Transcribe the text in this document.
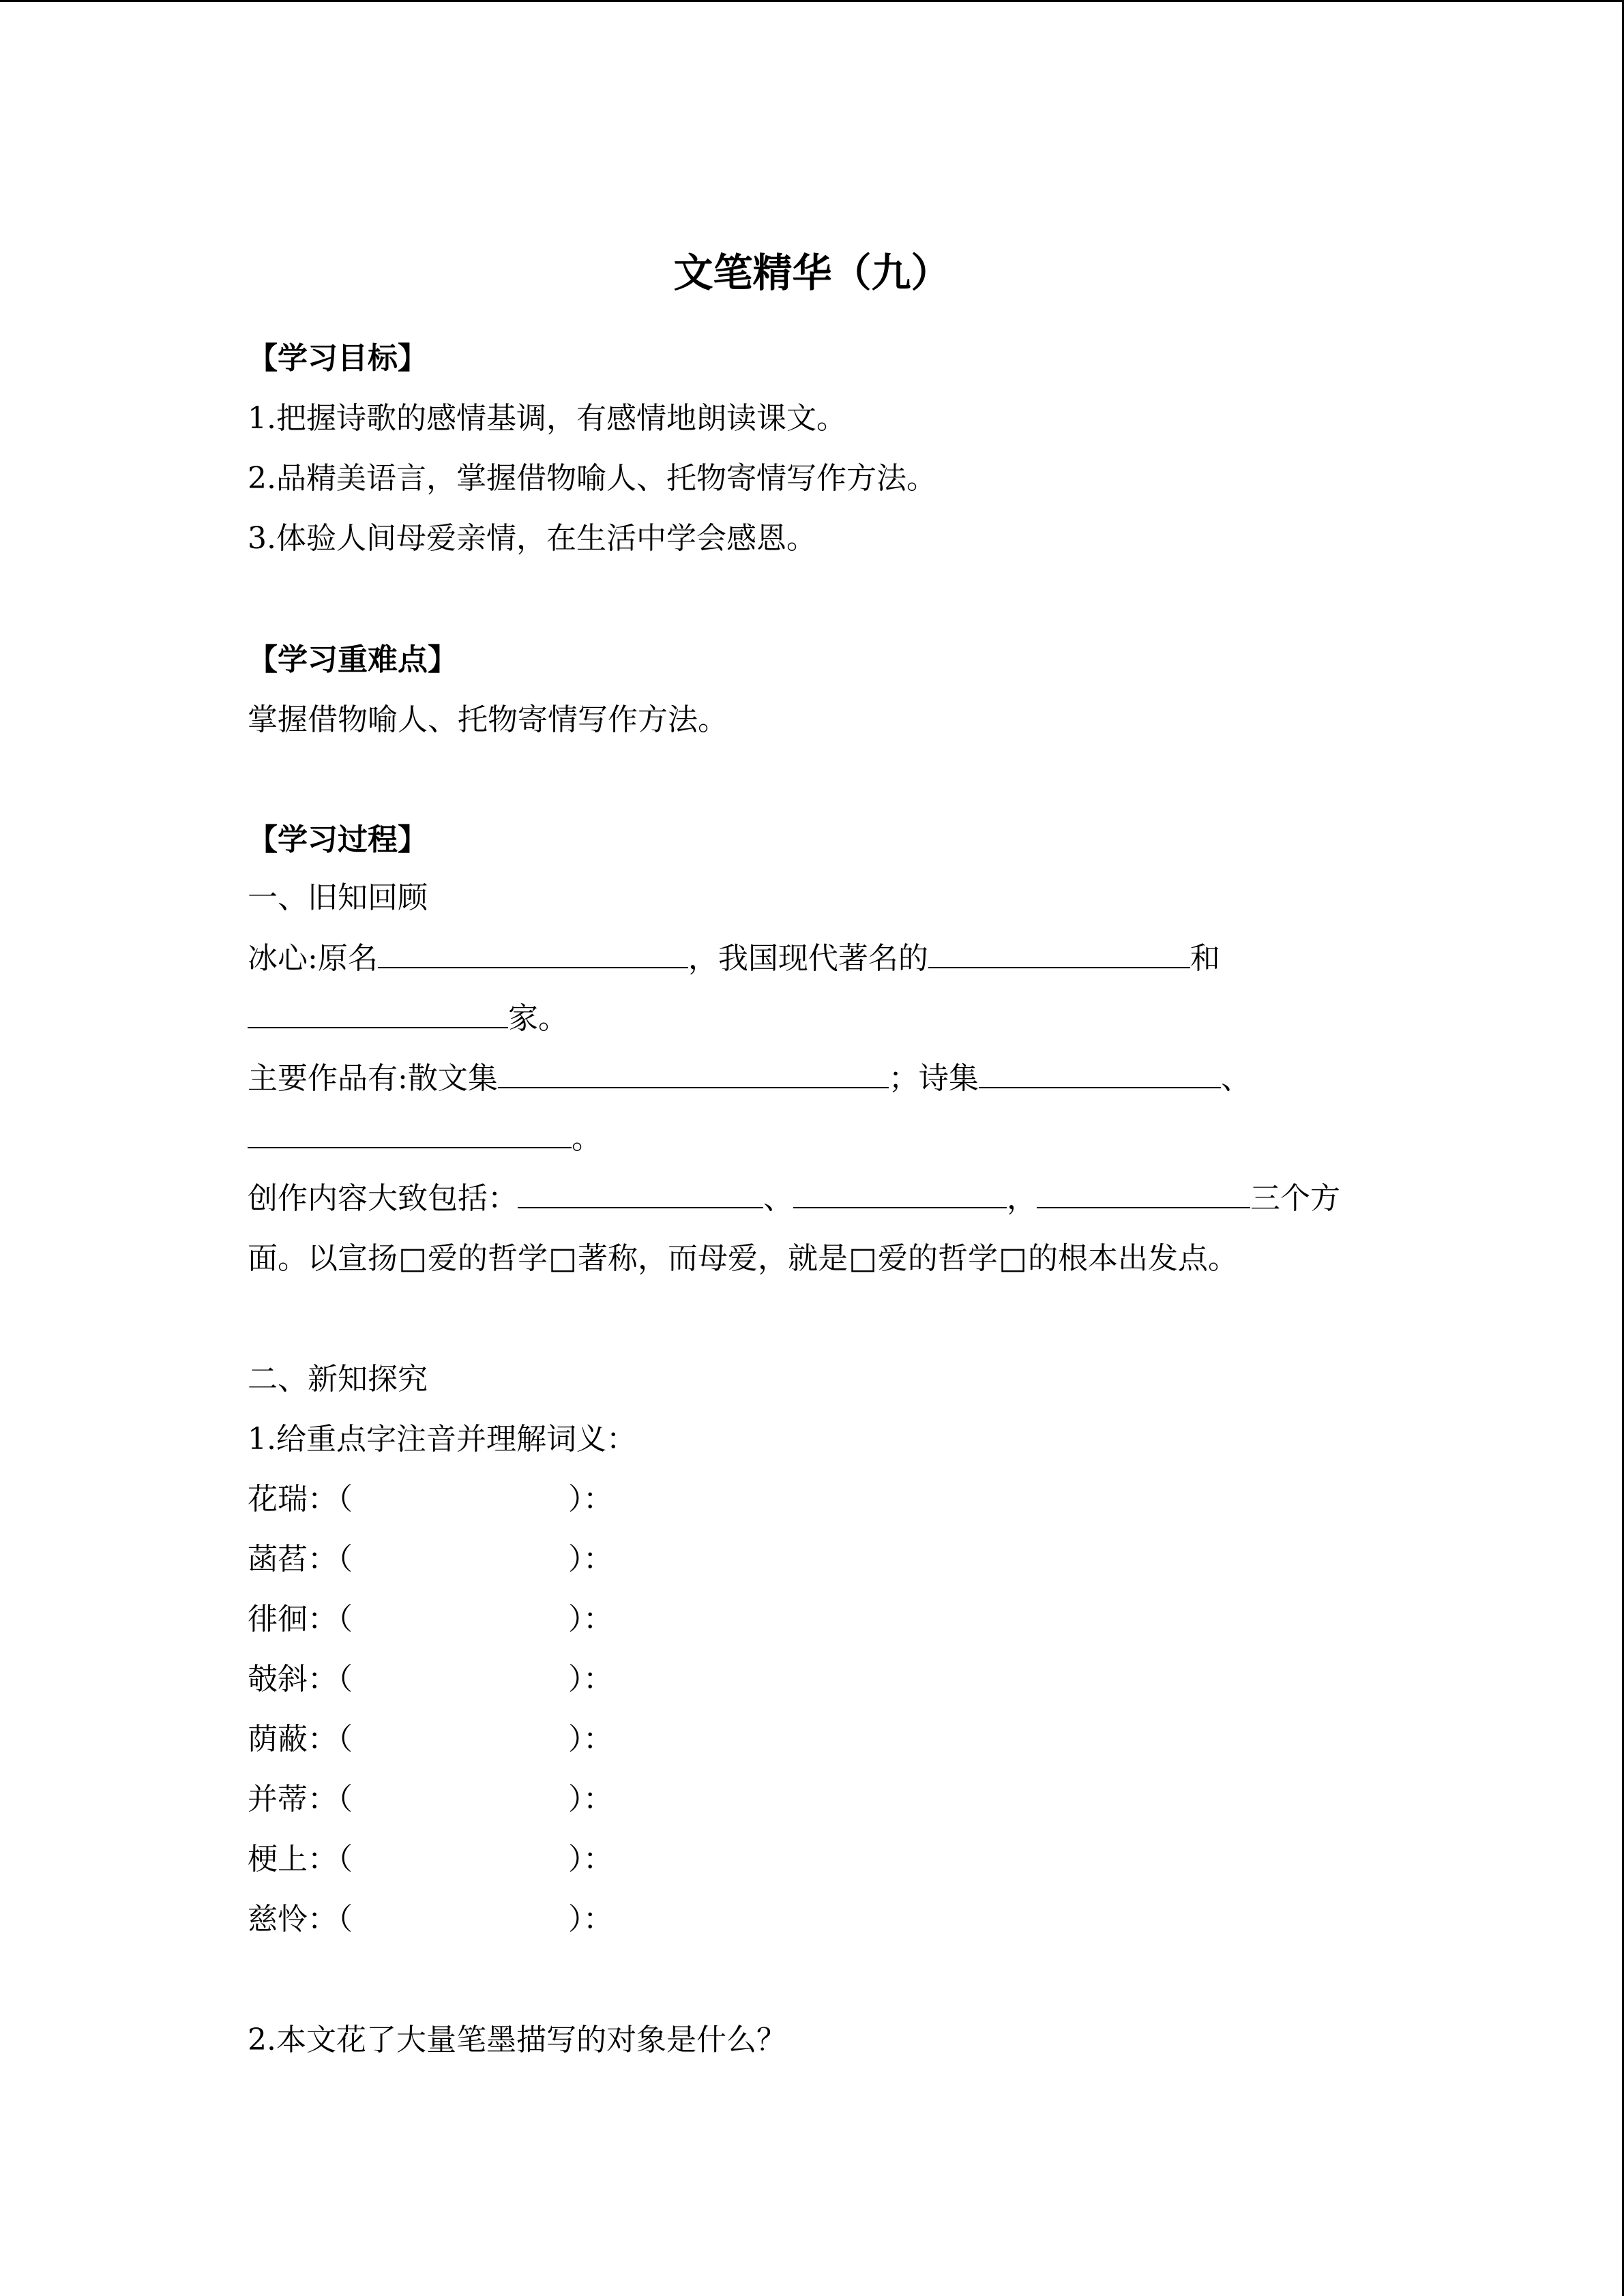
文笔精华（九）
【学习目标】
1.把握诗歌的感情基调，有感情地朗读课文。
2.品精美语言，掌握借物喻人、托物寄情写作方法。
3.体验人间母爱亲情，在生活中学会感恩。
【学习重难点】
掌握借物喻人、托物寄情写作方法。
【学习过程】
一、旧知回顾
冰心:原名	，我国现代著名的	和
家。
主要作品有:散文集	；诗集	、
。
创作内容大致包括：	、	，	三个方
面。以宣扬□爱的哲学□著称，而母爱，就是□爱的哲学□的根本出发点。
二、新知探究
1.给重点字注音并理解词义：
花瑞：（	）：
菡萏：（	）：
徘徊：（	）：
攲斜：（	）：
荫蔽：（	）：
并蒂：（	）：
梗上：（	）：
慈怜：（	）：
2.本文花了大量笔墨描写的对象是什么？
